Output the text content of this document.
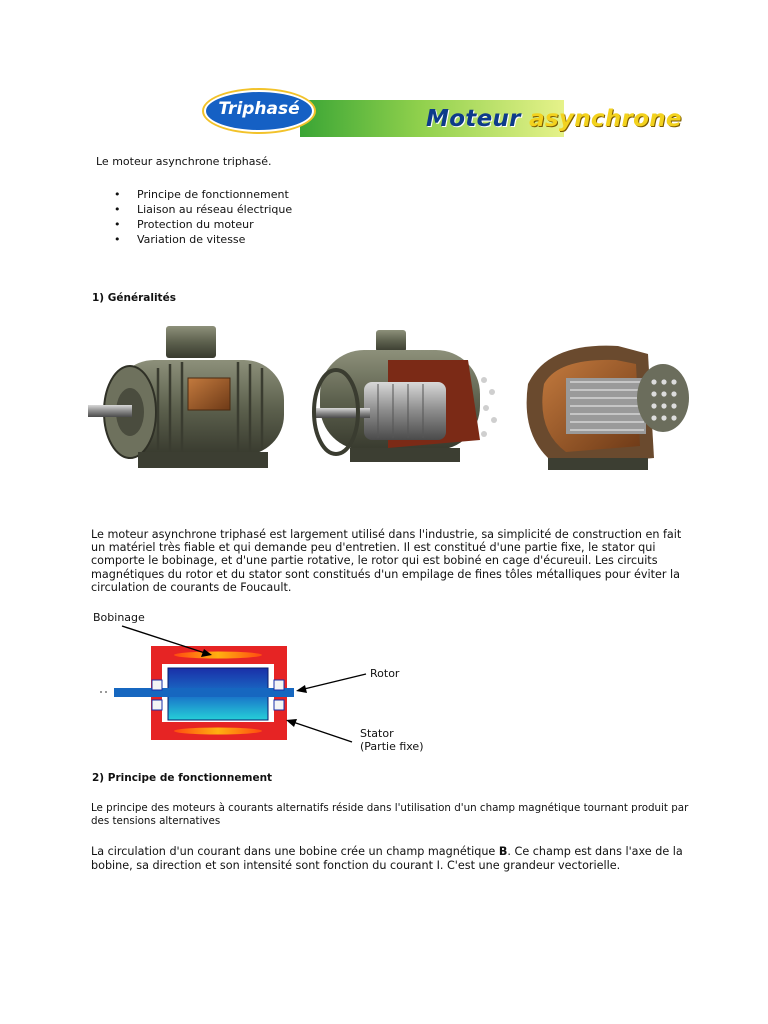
Moteur asynchrone
Triphasé
Le moteur asynchrone triphasé.
• Principe de fonctionnement
• Liaison au réseau électrique
• Protection du moteur
• Variation de vitesse
1) Généralités
Le moteur asynchrone triphasé est largement utilisé dans l'industrie, sa simplicité de construction en fait un matériel très fiable et qui demande peu d'entretien. Il est constitué d'une partie fixe, le stator qui comporte le bobinage, et d'une partie rotative, le rotor qui est bobiné en cage d'écureuil. Les circuits magnétiques du rotor et du stator sont constitués d'un empilage de fines tôles métalliques pour éviter la circulation de courants de Foucault.
Bobinage
Rotor
Stator
(Partie fixe)
2) Principe de fonctionnement
Le principe des moteurs à courants alternatifs réside dans l'utilisation d'un champ magnétique tournant produit par des tensions alternatives
La circulation d'un courant dans une bobine crée un champ magnétique B. Ce champ est dans l'axe de la bobine, sa direction et son intensité sont fonction du courant I. C'est une grandeur vectorielle.
